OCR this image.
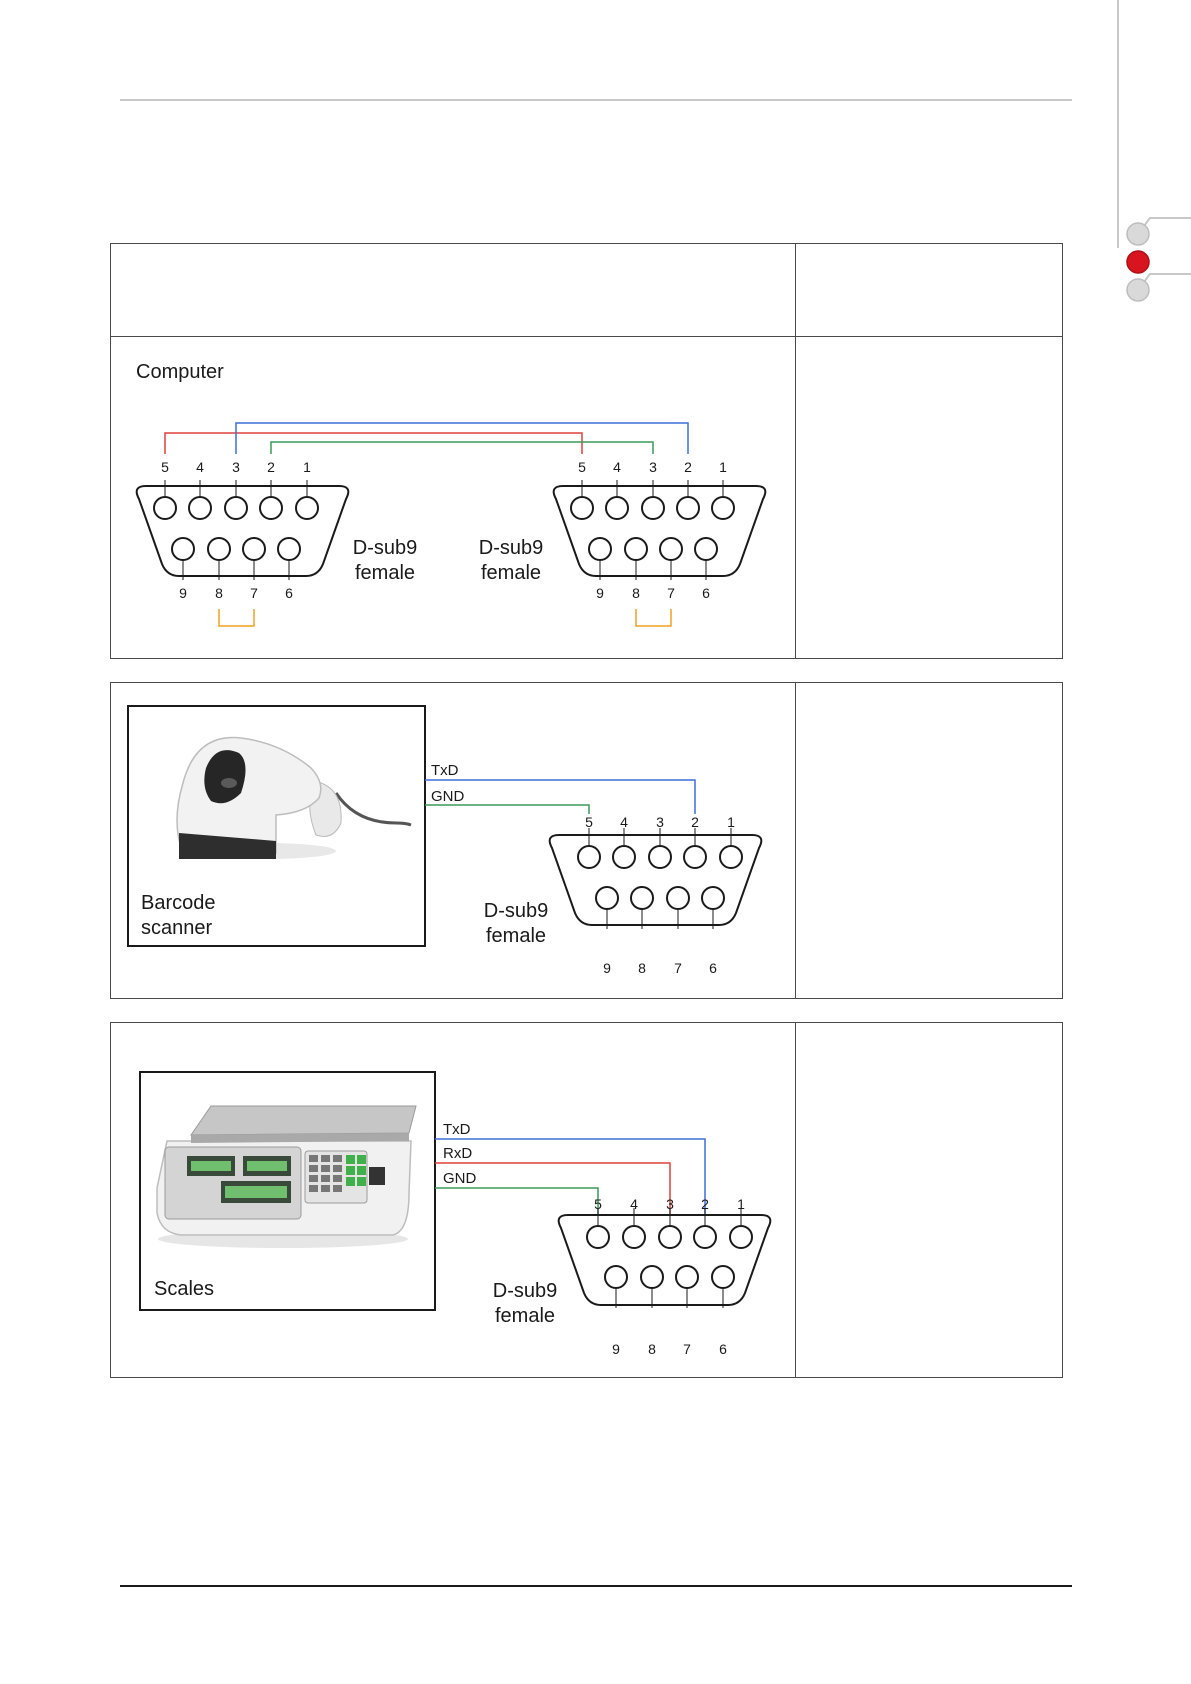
Computer
5 4 3 2 1
9 8 7 6
D-sub9
female
5 4 3 2 1
9 8 7 6
D-sub9
female
Barcode
scanner
TxD
GND
5 4 3 2 1
9 8 7 6
D-sub9
female
Scales
TxD
RxD
GND
5 4 3 2 1
9 8 7 6
D-sub9
female
